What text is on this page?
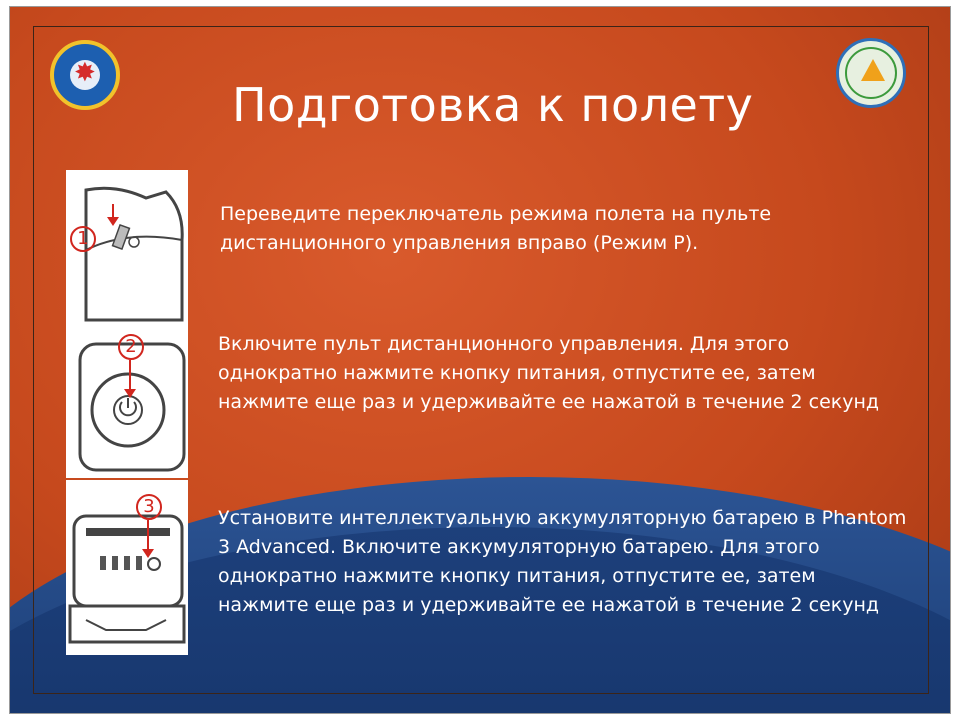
✸
Подготовка к полету
1
2
3
Переведите переключатель режима полета на пульте дистанционного управления вправо (Режим P).
Включите пульт дистанционного управления. Для этого однократно нажмите кнопку питания, отпустите ее, затем нажмите еще раз и удерживайте ее нажатой в течение 2 секунд
Установите интеллектуальную аккумуляторную батарею в Phantom 3 Advanced. Включите аккумуляторную батарею. Для этого однократно нажмите кнопку питания, отпустите ее, затем нажмите еще раз и удерживайте ее нажатой в течение 2 секунд
